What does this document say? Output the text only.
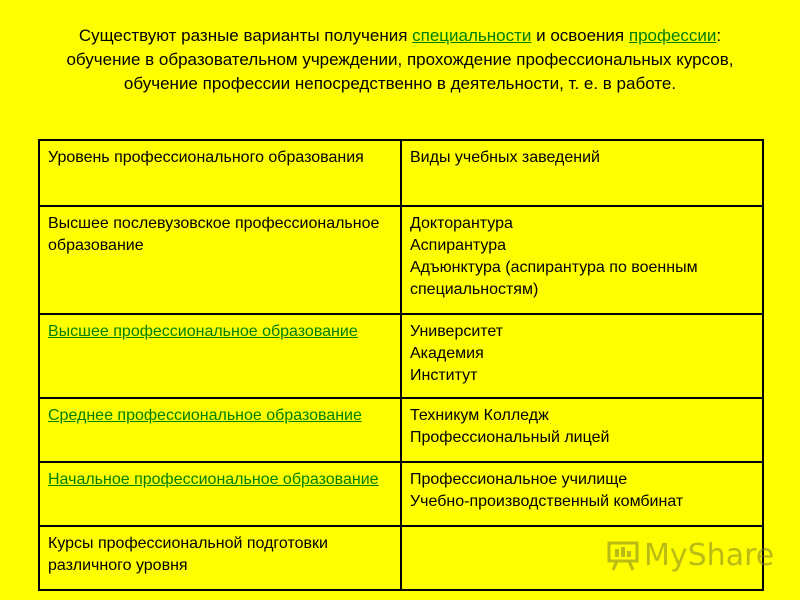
Существуют разные варианты получения специальности и освоения профессии: обучение в образовательном учреждении, прохождение профессиональных курсов, обучение профессии непосредственно в деятельности, т. е. в работе.
Уровень профессионального образования	Виды учебных заведений
Высшее послевузовское профессиональное образование	Докторантура
Аспирантура
Адъюнктура (аспирантура по военным специальностям)

Высшее профессиональное образование	Университет
Академия
Институт

Среднее профессиональное образование	Техникум Колледж
Профессиональный лицей

Начальное профессиональное образование	Профессиональное училище
Учебно-производственный комбинат

Курсы профессиональной подготовки различного уровня		MyShare
